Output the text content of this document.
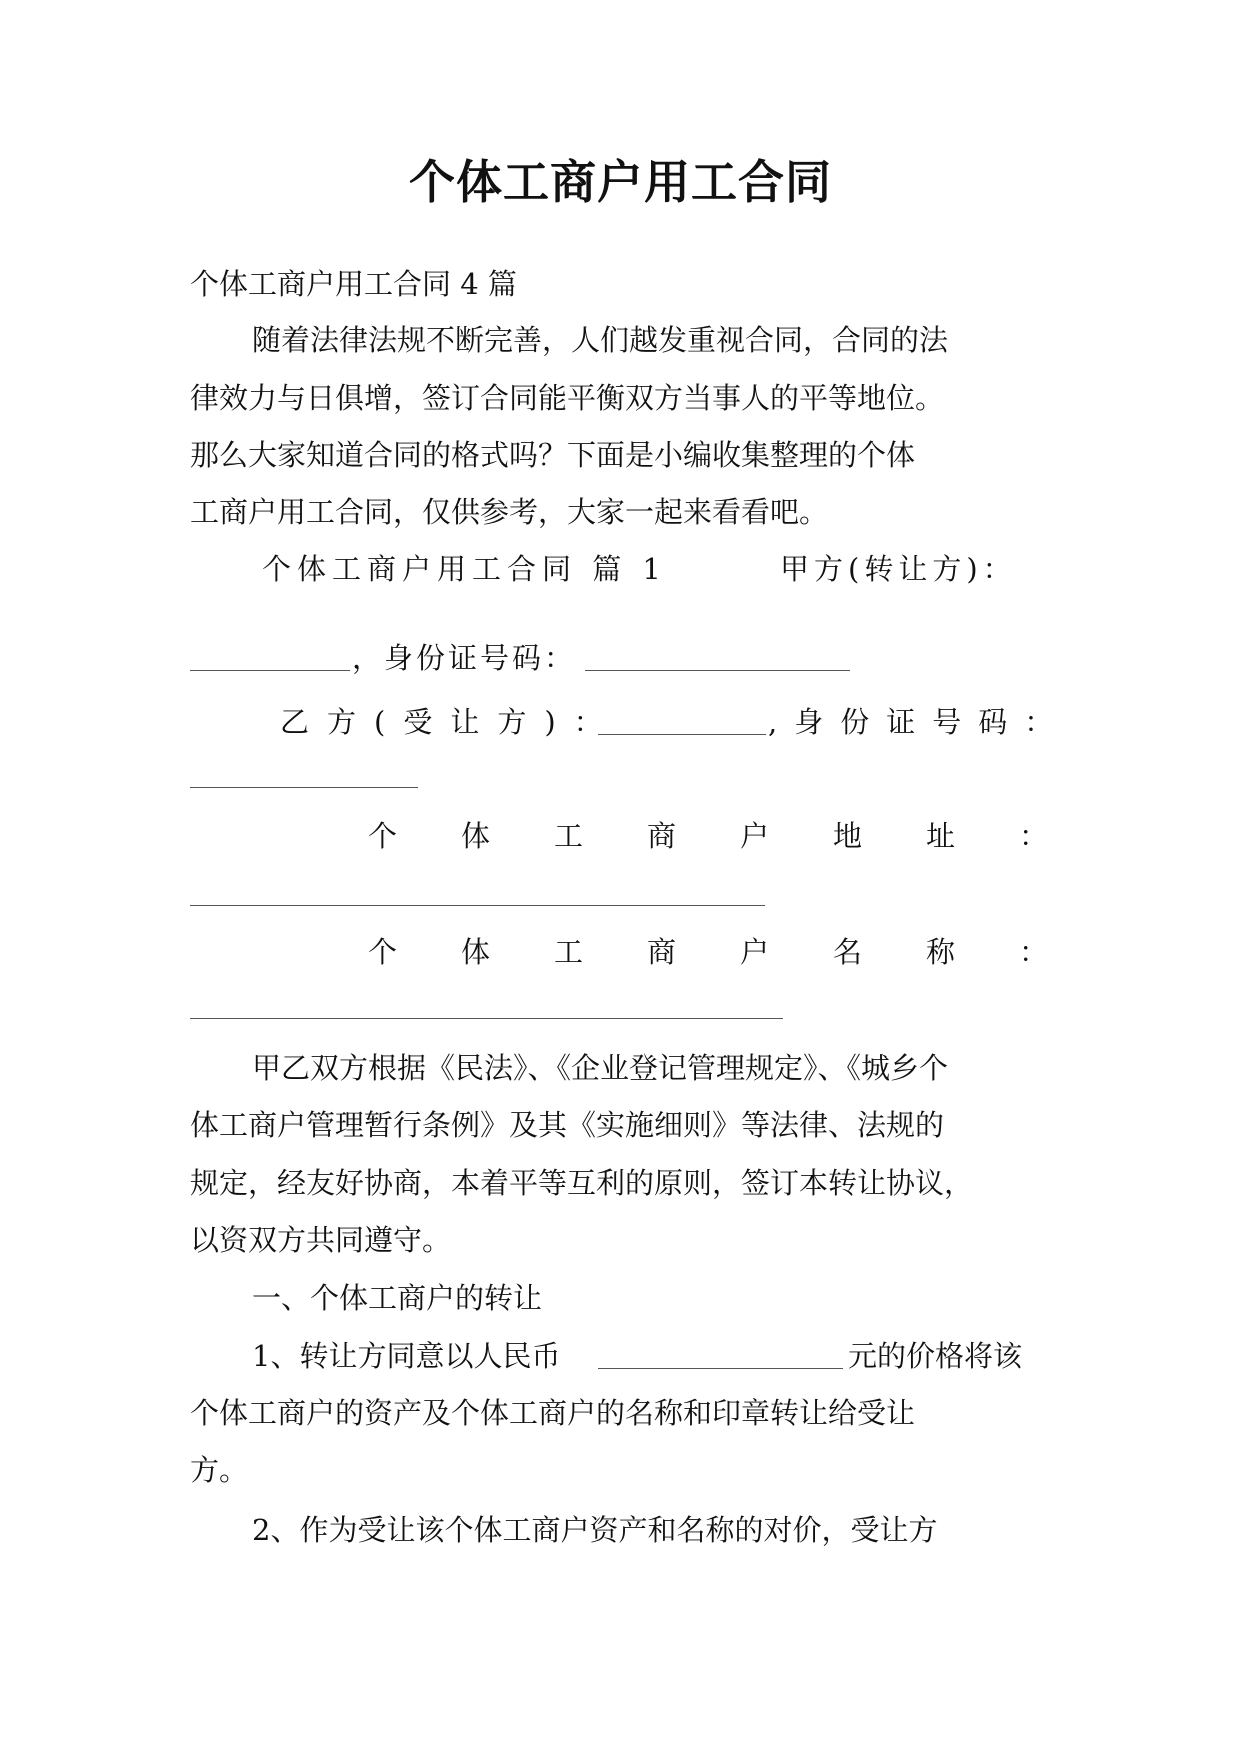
个体工商户用工合同
个体工商户用工合同 4 篇
随着法律法规不断完善，人们越发重视合同，合同的法
律效力与日俱增，签订合同能平衡双方当事人的平等地位。
那么大家知道合同的格式吗？下面是小编收集整理的个体
工商户用工合同，仅供参考，大家一起来看看吧。
个体工商户用工合同 篇 1	甲方(转让方)：
，身份证号码：
乙方(受让方)：	,身份证号码：
个体工商户地址：
个体工商户名称：
甲乙双方根据《民法》、《企业登记管理规定》、《城乡个
体工商户管理暂行条例》及其《实施细则》等法律、法规的
规定，经友好协商，本着平等互利的原则，签订本转让协议，
以资双方共同遵守。
一、个体工商户的转让
1、转让方同意以人民币	元的价格将该
个体工商户的资产及个体工商户的名称和印章转让给受让
方。
2、作为受让该个体工商户资产和名称的对价，受让方
